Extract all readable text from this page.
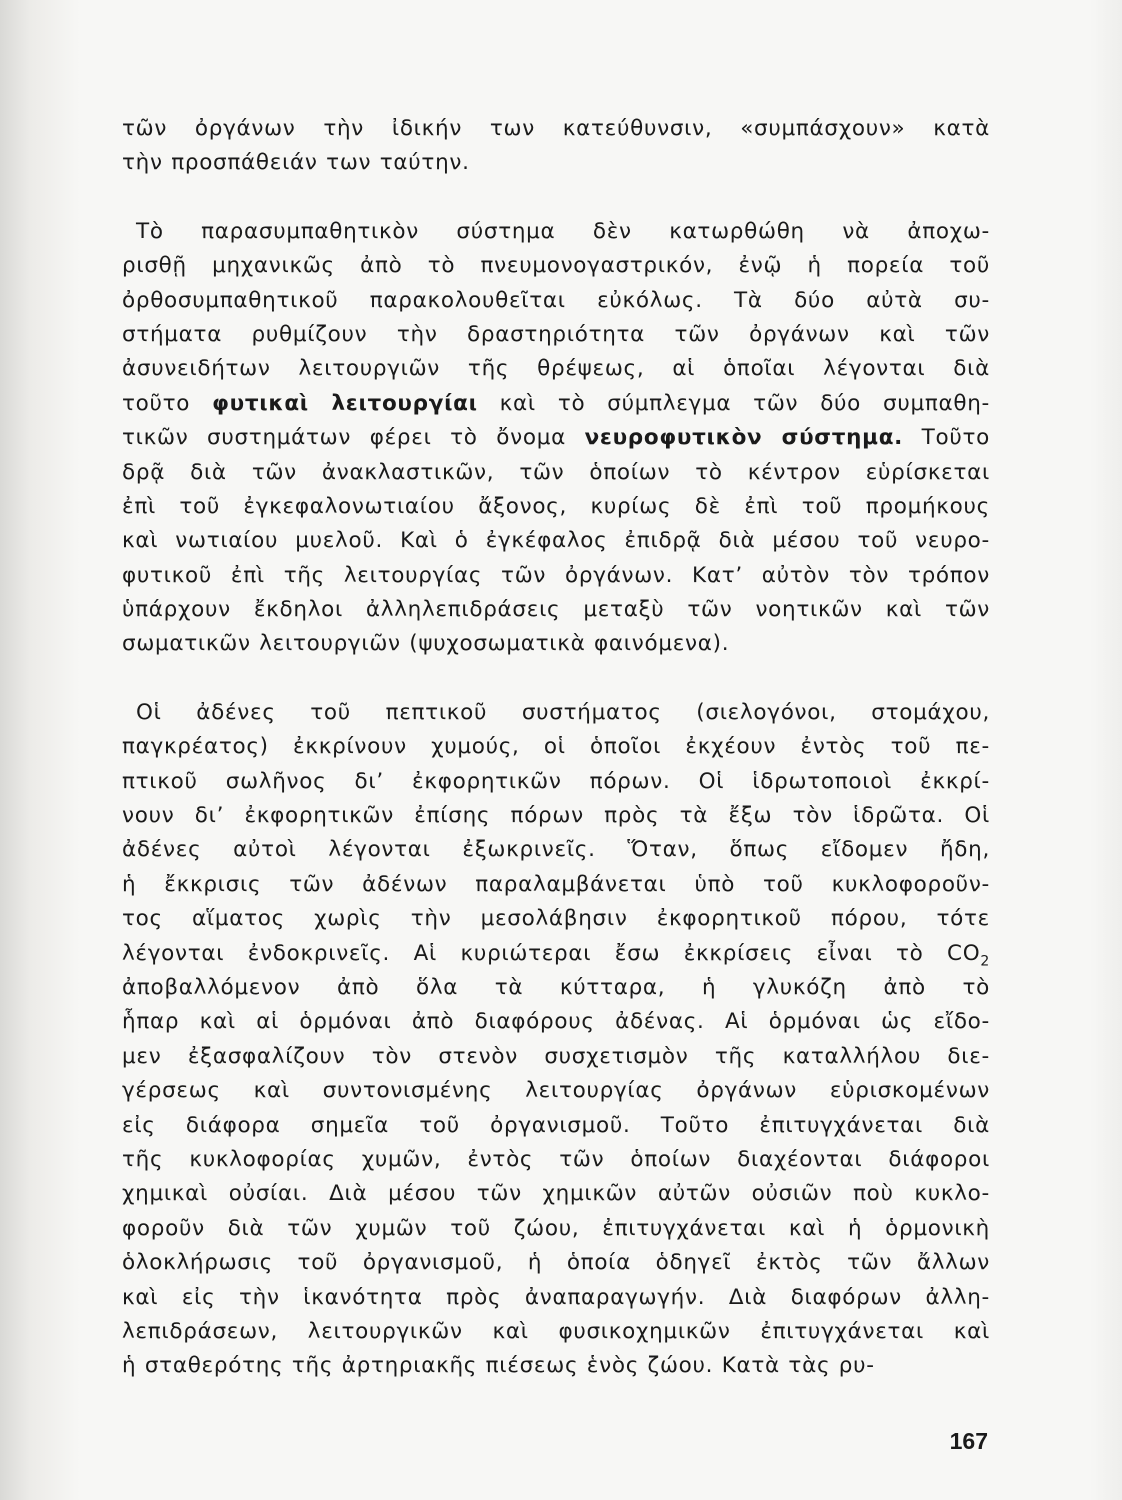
τῶν ὀργάνων τὴν ἰδικήν των κατεύθυνσιν, «συμπάσχουν» κατὰ
τὴν προσπάθειάν των ταύτην.
Τὸ παρασυμπαθητικὸν σύστημα δὲν κατωρθώθη νὰ ἀποχω-
ρισθῇ μηχανικῶς ἀπὸ τὸ πνευμονογαστρικόν, ἐνῷ ἡ πορεία τοῦ
ὀρθοσυμπαθητικοῦ παρακολουθεῖται εὐκόλως. Τὰ δύο αὐτὰ συ-
στήματα ρυθμίζουν τὴν δραστηριότητα τῶν ὀργάνων καὶ τῶν
ἀσυνειδήτων λειτουργιῶν τῆς θρέψεως, αἱ ὁποῖαι λέγονται διὰ
τοῦτο φυτικαὶ λειτουργίαι καὶ τὸ σύμπλεγμα τῶν δύο συμπαθη-
τικῶν συστημάτων φέρει τὸ ὄνομα νευροφυτικὸν σύστημα. Τοῦτο
δρᾷ διὰ τῶν ἀνακλαστικῶν, τῶν ὁποίων τὸ κέντρον εὑρίσκεται
ἐπὶ τοῦ ἐγκεφαλονωτιαίου ἄξονος, κυρίως δὲ ἐπὶ τοῦ προμήκους
καὶ νωτιαίου μυελοῦ. Καὶ ὁ ἐγκέφαλος ἐπιδρᾷ διὰ μέσου τοῦ νευρο-
φυτικοῦ ἐπὶ τῆς λειτουργίας τῶν ὀργάνων. Κατ’ αὐτὸν τὸν τρόπον
ὑπάρχουν ἔκδηλοι ἀλληλεπιδράσεις μεταξὺ τῶν νοητικῶν καὶ τῶν
σωματικῶν λειτουργιῶν (ψυχοσωματικὰ φαινόμενα).
Οἱ ἀδένες τοῦ πεπτικοῦ συστήματος (σιελογόνοι, στομάχου,
παγκρέατος) ἐκκρίνουν χυμούς, οἱ ὁποῖοι ἐκχέουν ἐντὸς τοῦ πε-
πτικοῦ σωλῆνος δι’ ἐκφορητικῶν πόρων. Οἱ ἱδρωτοποιοὶ ἐκκρί-
νουν δι’ ἐκφορητικῶν ἐπίσης πόρων πρὸς τὰ ἔξω τὸν ἱδρῶτα. Οἱ
ἀδένες αὐτοὶ λέγονται ἐξωκρινεῖς. Ὅταν, ὅπως εἴδομεν ἤδη,
ἡ ἔκκρισις τῶν ἀδένων παραλαμβάνεται ὑπὸ τοῦ κυκλοφοροῦν-
τος αἵματος χωρὶς τὴν μεσολάβησιν ἐκφορητικοῦ πόρου, τότε
λέγονται ἐνδοκρινεῖς. Αἱ κυριώτεραι ἔσω ἐκκρίσεις εἶναι τὸ $CO_2$
ἀποβαλλόμενον ἀπὸ ὅλα τὰ κύτταρα, ἡ γλυκόζη ἀπὸ τὸ
ἧπαρ καὶ αἱ ὁρμόναι ἀπὸ διαφόρους ἀδένας. Αἱ ὁρμόναι ὡς εἴδο-
μεν ἐξασφαλίζουν τὸν στενὸν συσχετισμὸν τῆς καταλλήλου διε-
γέρσεως καὶ συντονισμένης λειτουργίας ὀργάνων εὑρισκομένων
εἰς διάφορα σημεῖα τοῦ ὀργανισμοῦ. Τοῦτο ἐπιτυγχάνεται διὰ
τῆς κυκλοφορίας χυμῶν, ἐντὸς τῶν ὁποίων διαχέονται διάφοροι
χημικαὶ οὐσίαι. Διὰ μέσου τῶν χημικῶν αὐτῶν οὐσιῶν ποὺ κυκλο-
φοροῦν διὰ τῶν χυμῶν τοῦ ζώου, ἐπιτυγχάνεται καὶ ἡ ὁρμονικὴ
ὁλοκλήρωσις τοῦ ὀργανισμοῦ, ἡ ὁποία ὁδηγεῖ ἐκτὸς τῶν ἄλλων
καὶ εἰς τὴν ἱκανότητα πρὸς ἀναπαραγωγήν. Διὰ διαφόρων ἀλλη-
λεπιδράσεων, λειτουργικῶν καὶ φυσικοχημικῶν ἐπιτυγχάνεται καὶ
ἡ σταθερότης τῆς ἀρτηριακῆς πιέσεως ἑνὸς ζώου. Κατὰ τὰς ρυ-
167
